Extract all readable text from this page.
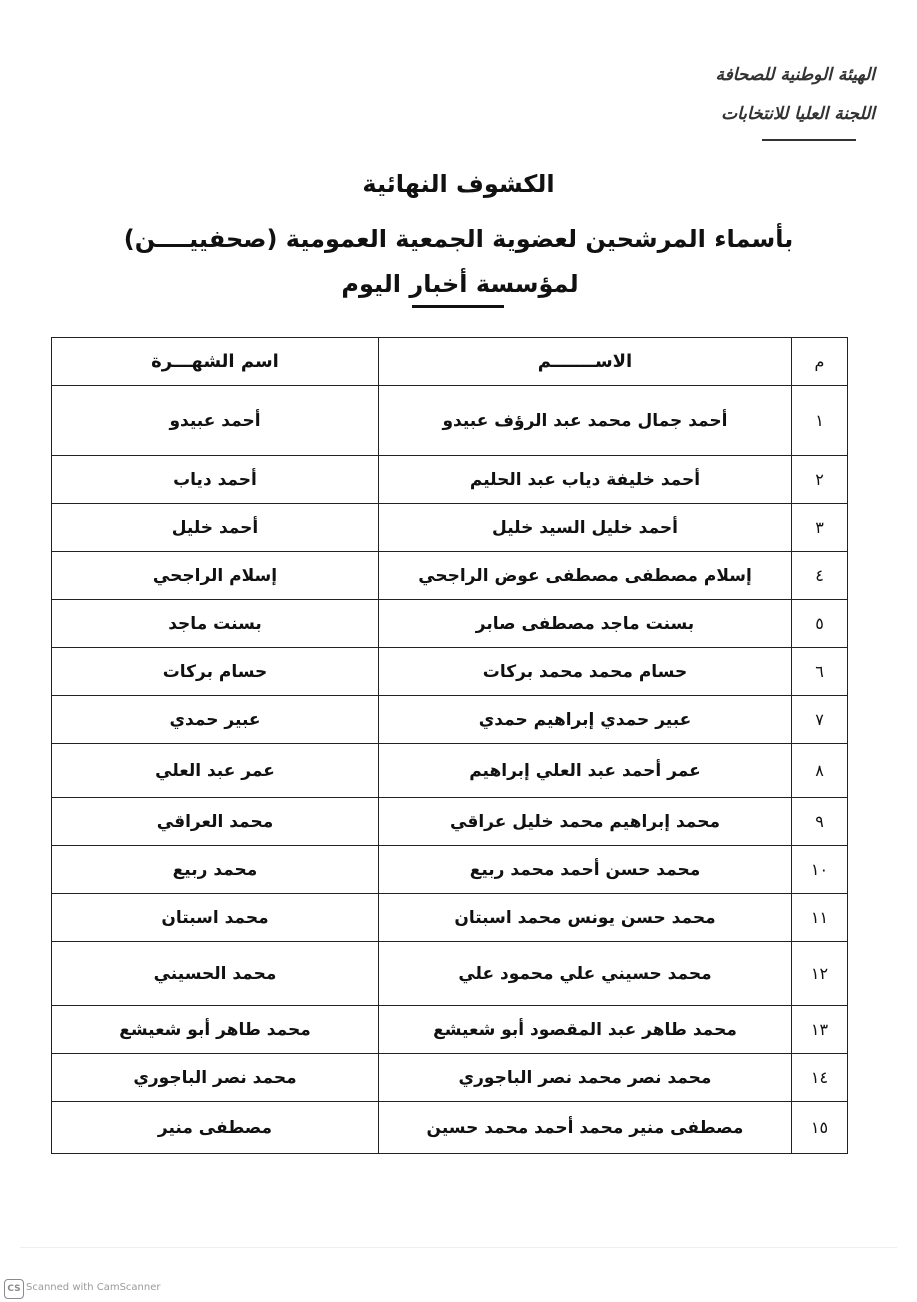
الهيئة الوطنية للصحافة
اللجنة العليا للانتخابات
الكشوف النهائية
بأسماء المرشحين لعضوية الجمعية العمومية (صحفييــــن)
لمؤسسة أخبار اليوم
م	الاســـــــم	اسم الشهـــرة
١	أحمد جمال محمد عبد الرؤف عبيدو	أحمد عبيدو
٢	أحمد خليفة دياب عبد الحليم	أحمد دياب
٣	أحمد خليل السيد خليل	أحمد خليل
٤	إسلام مصطفى مصطفى عوض الراجحي	إسلام الراجحي
٥	بسنت ماجد مصطفى صابر	بسنت ماجد
٦	حسام محمد محمد بركات	حسام بركات
٧	عبير حمدي إبراهيم حمدي	عبير حمدي
٨	عمر أحمد عبد العلي إبراهيم	عمر عبد العلي
٩	محمد إبراهيم محمد خليل عراقي	محمد العراقي
١٠	محمد حسن أحمد محمد ربيع	محمد ربيع
١١	محمد حسن يونس محمد اسبتان	محمد اسبتان
١٢	محمد حسيني علي محمود علي	محمد الحسيني
١٣	محمد طاهر عبد المقصود أبو شعيشع	محمد طاهر أبو شعيشع
١٤	محمد نصر محمد نصر الباجوري	محمد نصر الباجوري
١٥	مصطفى منير محمد أحمد محمد حسين	مصطفى منير
CS Scanned with CamScanner
